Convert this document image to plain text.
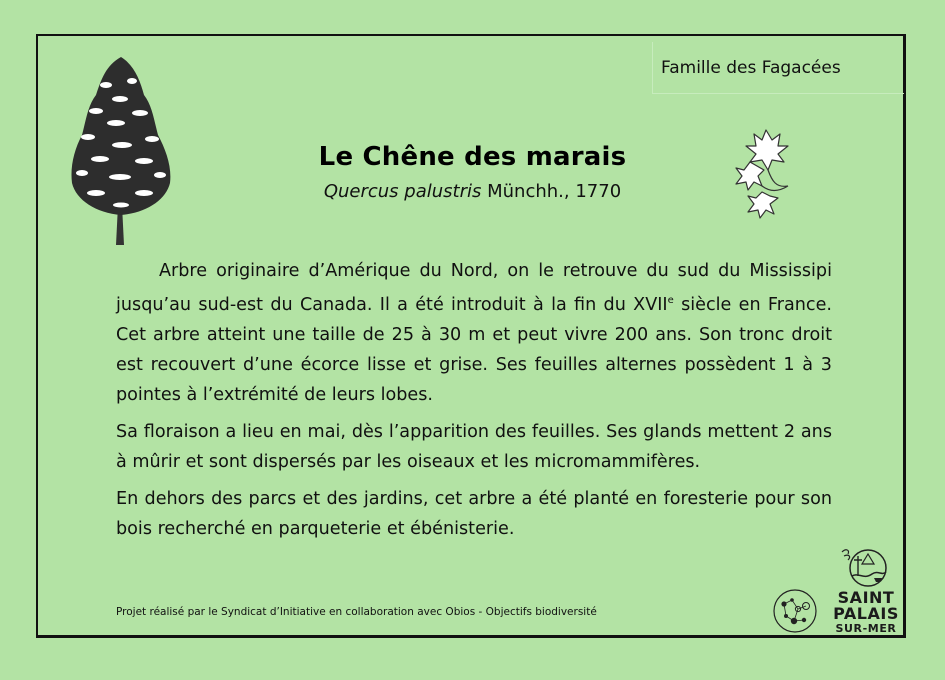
Famille des Fagacées
Le Chêne des marais
Quercus palustris Münchh., 1770

Arbre originaire d’Amérique du Nord, on le retrouve du sud du Mississipi jusqu’au sud-est du Canada. Il a été introduit à la fin du XVIIe siècle en France. Cet arbre atteint une taille de 25 à 30 m et peut vivre 200 ans. Son tronc droit est recouvert d’une écorce lisse et grise. Ses feuilles alternes possèdent 1 à 3 pointes à l’extrémité de leurs lobes.

Sa floraison a lieu en mai, dès l’apparition des feuilles. Ses glands mettent 2 ans à mûrir et sont dispersés par les oiseaux et les micromammifères.

En dehors des parcs et des jardins, cet arbre a été planté en foresterie pour son bois recherché en parqueterie et ébénisterie.

Projet réalisé par le Syndicat d’Initiative en collaboration avec Obios - Objectifs biodiversité
SAINT
PALAIS
SUR-MER
